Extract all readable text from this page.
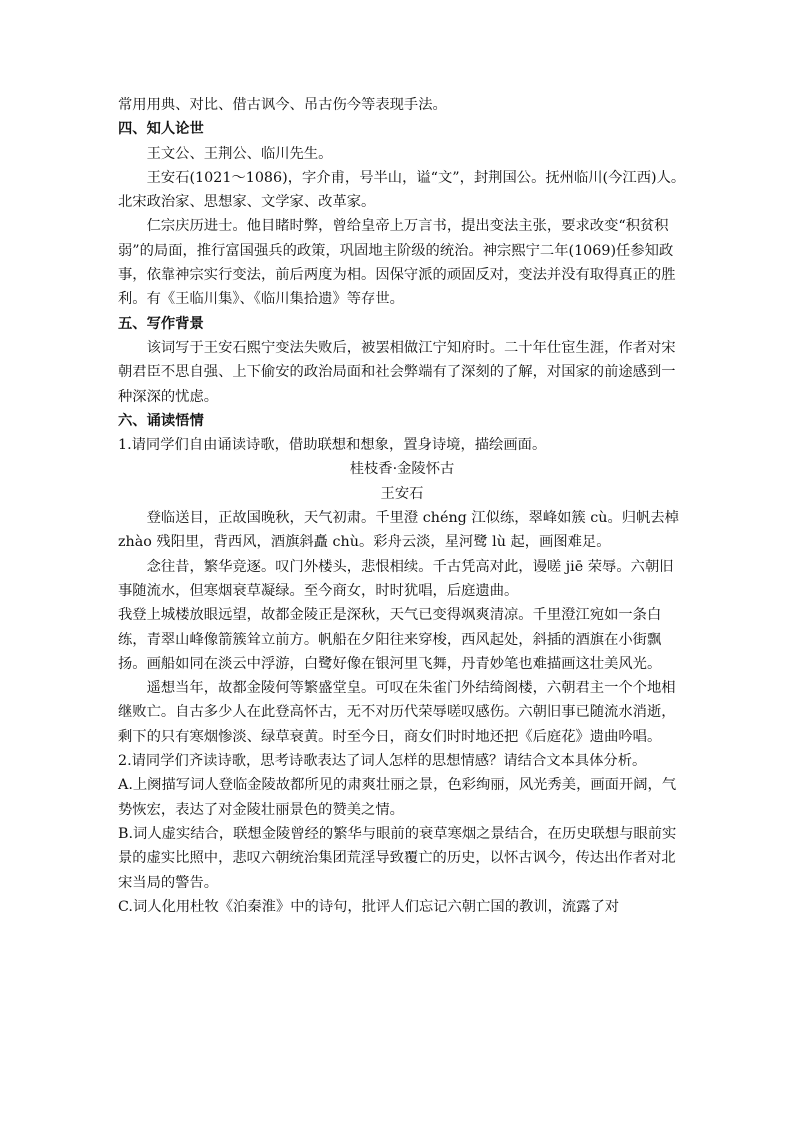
常用用典、对比、借古讽今、吊古伤今等表现手法。

四、知人论世

王文公、王荆公、临川先生。

王安石(1021～1086)，字介甫，号半山，谥“文”，封荆国公。抚州临川(今江西)人。北宋政治家、思想家、文学家、改革家。

仁宗庆历进士。他目睹时弊，曾给皇帝上万言书，提出变法主张，要求改变“积贫积弱”的局面，推行富国强兵的政策，巩固地主阶级的统治。神宗熙宁二年(1069)任参知政事，依靠神宗实行变法，前后两度为相。因保守派的顽固反对，变法并没有取得真正的胜利。有《王临川集》、《临川集拾遗》等存世。

五、写作背景

该词写于王安石熙宁变法失败后，被罢相做江宁知府时。二十年仕宦生涯，作者对宋朝君臣不思自强、上下偷安的政治局面和社会弊端有了深刻的了解，对国家的前途感到一种深深的忧虑。

六、诵读悟情

1.请同学们自由诵读诗歌，借助联想和想象，置身诗境，描绘画面。

桂枝香·金陵怀古

王安石

登临送目，正故国晚秋，天气初肃。千里澄 chéng 江似练，翠峰如簇 cù。归帆去棹 zhào 残阳里，背西风，酒旗斜矗 chù。彩舟云淡，星河鹭 lù 起，画图难足。

念往昔，繁华竞逐。叹门外楼头，悲恨相续。千古凭高对此，谩嗟 jiē 荣辱。六朝旧事随流水，但寒烟衰草凝绿。至今商女，时时犹唱，后庭遗曲。

我登上城楼放眼远望，故都金陵正是深秋，天气已变得飒爽清凉。千里澄江宛如一条白练，青翠山峰像箭簇耸立前方。帆船在夕阳往来穿梭，西风起处，斜插的酒旗在小街飘扬。画船如同在淡云中浮游，白鹭好像在银河里飞舞，丹青妙笔也难描画这壮美风光。

遥想当年，故都金陵何等繁盛堂皇。可叹在朱雀门外结绮阁楼，六朝君主一个个地相继败亡。自古多少人在此登高怀古，无不对历代荣辱嗟叹感伤。六朝旧事已随流水消逝，剩下的只有寒烟惨淡、绿草衰黄。时至今日，商女们时时地还把《后庭花》遗曲吟唱。

2.请同学们齐读诗歌，思考诗歌表达了词人怎样的思想情感？请结合文本具体分析。

A.上阕描写词人登临金陵故都所见的肃爽壮丽之景，色彩绚丽，风光秀美，画面开阔，气势恢宏，表达了对金陵壮丽景色的赞美之情。

B.词人虚实结合，联想金陵曾经的繁华与眼前的衰草寒烟之景结合，在历史联想与眼前实景的虚实比照中，悲叹六朝统治集团荒淫导致覆亡的历史，以怀古讽今，传达出作者对北宋当局的警告。

C.词人化用杜牧《泊秦淮》中的诗句，批评人们忘记六朝亡国的教训，流露了对
